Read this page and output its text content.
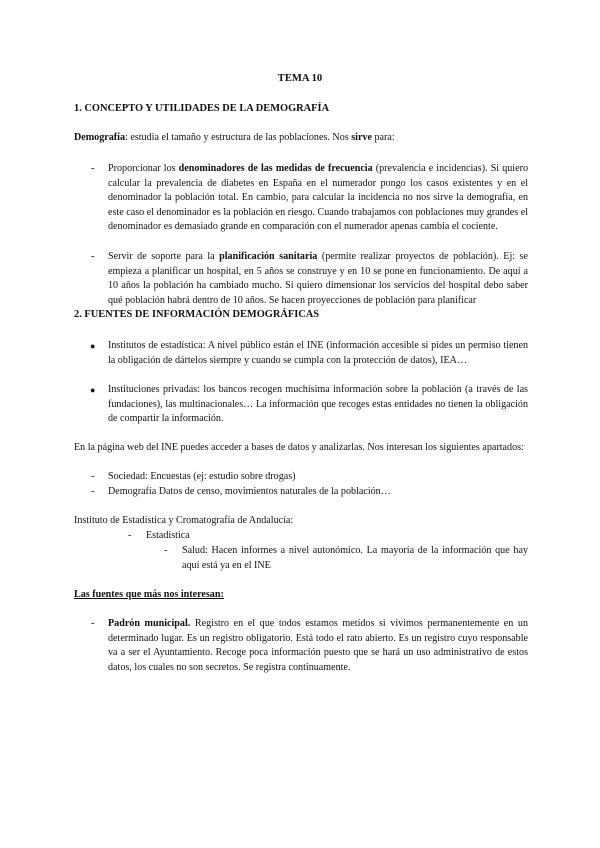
TEMA 10
1. CONCEPTO Y UTILIDADES DE LA DEMOGRAFÍA
Demografía: estudia el tamaño y estructura de las poblaciones. Nos sirve para:
- Proporcionar los denominadores de las medidas de frecuencia (prevalencia e incidencias). Si quiero calcular la prevalencia de diabetes en España en el numerador pongo los casos existentes y en el denominador la población total. En cambio, para calcular la incidencia no nos sirve la demografía, en este caso el denominador es la población en riesgo. Cuando trabajamos con poblaciones muy grandes el denominador es demasiado grande en comparación con el numerador apenas cambia el cociente.
- Servir de soporte para la planificación sanitaria (permite realizar proyectos de población). Ej: se empieza a planificar un hospital, en 5 años se construye y en 10 se pone en funcionamiento. De aquí a 10 años la población ha cambiado mucho. Si quiero dimensionar los servicios del hospital debo saber qué población habrá dentro de 10 años. Se hacen proyecciones de población para planificar
2. FUENTES DE INFORMACIÓN DEMOGRÁFICAS
● Institutos de estadística: A nivel público están el INE (información accesible si pides un permiso tienen la obligación de dártelos siempre y cuando se cumpla con la protección de datos), IEA…
● Instituciones privadas: los bancos recogen muchísima información sobre la población (a través de las fundaciones), las multinacionales… La información que recoges estas entidades no tienen la obligación de compartir la información.
En la página web del INE puedes acceder a bases de datos y analizarlas. Nos interesan los siguientes apartados:
- Sociedad: Encuestas (ej: estudio sobre drogas)
- Demografía Datos de censo, movimientos naturales de la población…
Instituto de Estadística y Cromatografía de Andalucía:
- Estadística
- Salud: Hacen informes a nivel autonómico. La mayoría de la información que hay aquí está ya en el INE
Las fuentes que más nos interesan:
- Padrón municipal. Registro en el que todos estamos metidos si vivimos permanentemente en un determinado lugar. Es un registro obligatorio. Está todo el rato abierto. Es un registro cuyo responsable va a ser el Ayuntamiento. Recoge poca información puesto que se hará un uso administrativo de estos datos, los cuales no son secretos. Se registra continuamente.
